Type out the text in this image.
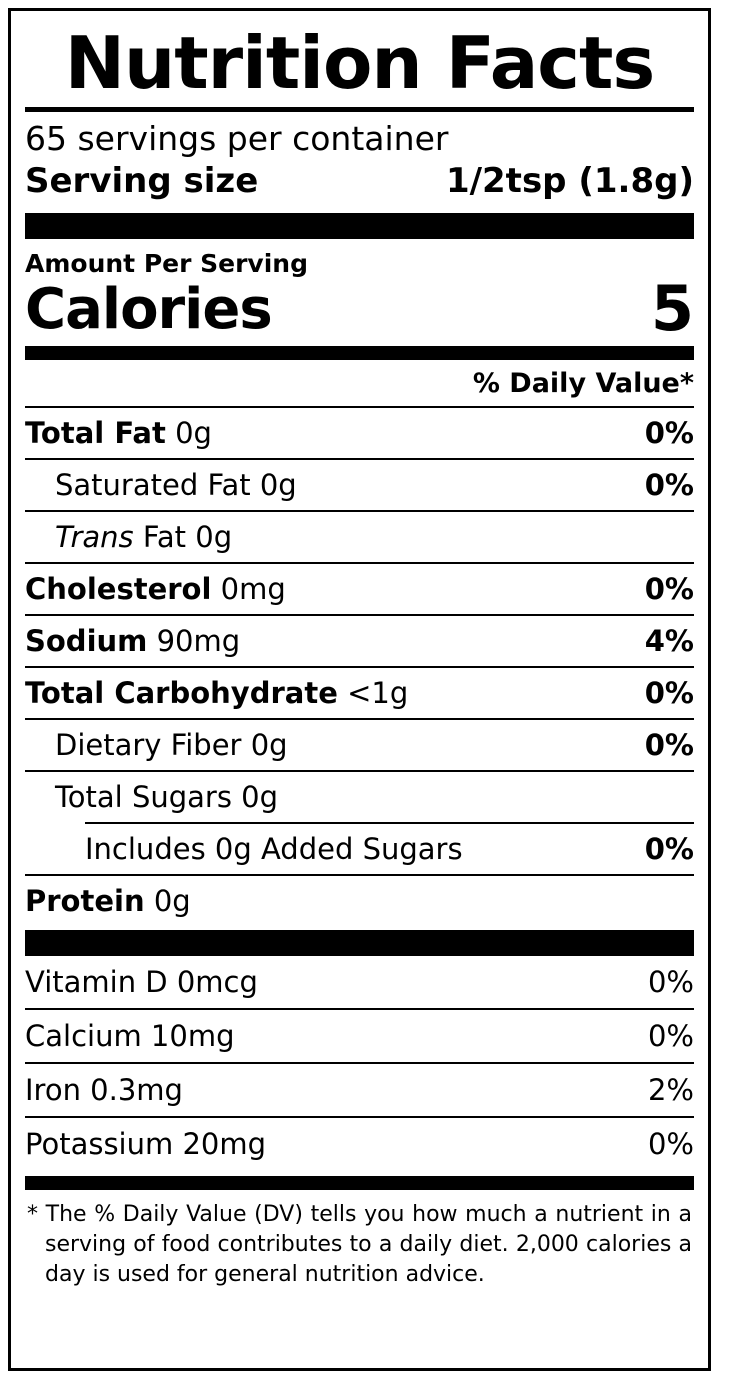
Nutrition Facts
65 servings per container
Serving size	1/2tsp (1.8g)
Amount Per Serving
Calories	5
% Daily Value*
Total Fat 0g	0%
Saturated Fat 0g	0%
Trans Fat 0g
Cholesterol 0mg	0%
Sodium 90mg	4%
Total Carbohydrate <1g	0%
Dietary Fiber 0g	0%
Total Sugars 0g
Includes 0g Added Sugars	0%
Protein 0g
Vitamin D 0mcg	0%
Calcium 10mg	0%
Iron 0.3mg	2%
Potassium 20mg	0%
* The % Daily Value (DV) tells you how much a nutrient in a serving of food contributes to a daily diet. 2,000 calories a day is used for general nutrition advice.
